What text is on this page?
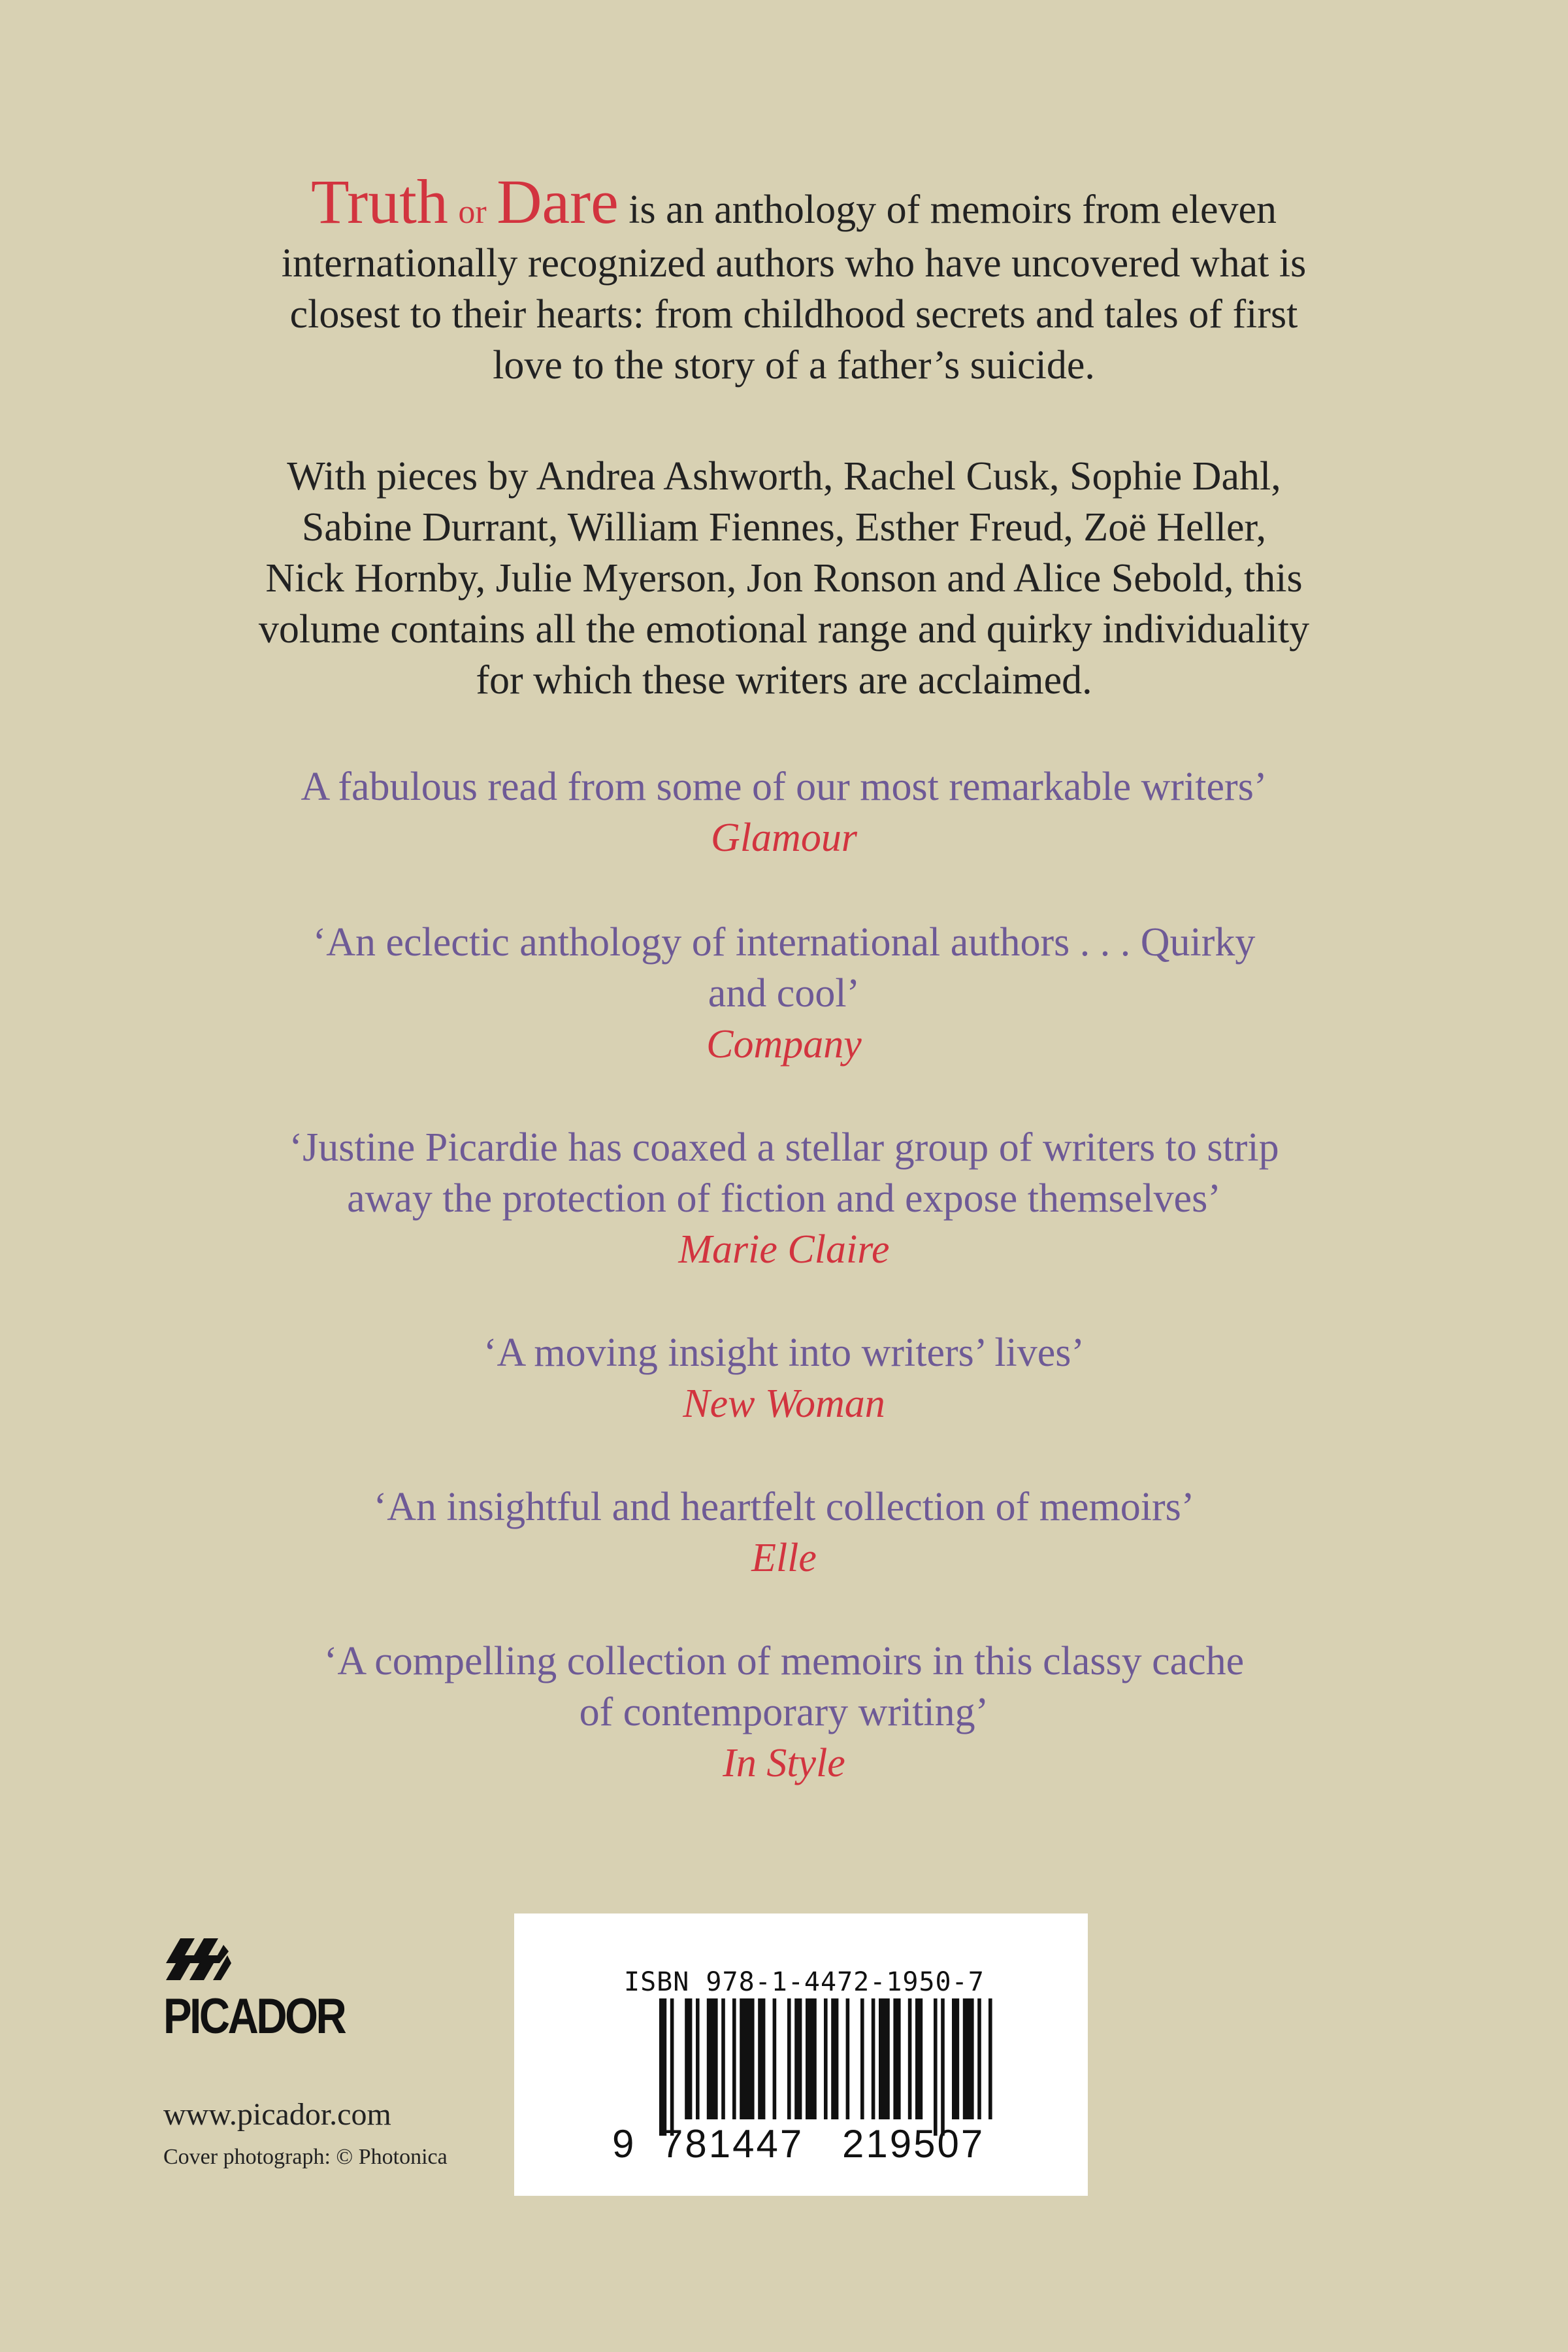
Truth or Dare is an anthology of memoirs from eleven
internationally recognized authors who have uncovered what is
closest to their hearts: from childhood secrets and tales of first
love to the story of a father’s suicide.
With pieces by Andrea Ashworth, Rachel Cusk, Sophie Dahl,
Sabine Durrant, William Fiennes, Esther Freud, Zoë Heller,
Nick Hornby, Julie Myerson, Jon Ronson and Alice Sebold, this
volume contains all the emotional range and quirky individuality
for which these writers are acclaimed.
A fabulous read from some of our most remarkable writers’
Glamour
‘An eclectic anthology of international authors . . . Quirky
and cool’
Company
‘Justine Picardie has coaxed a stellar group of writers to strip
away the protection of fiction and expose themselves’
Marie Claire
‘A moving insight into writers’ lives’
New Woman
‘An insightful and heartfelt collection of memoirs’
Elle
‘A compelling collection of memoirs in this classy cache
of contemporary writing’
In Style
PICADOR
www.picador.com
Cover photograph: © Photonica
ISBN 978-1-4472-1950-7
9 781447 219507
